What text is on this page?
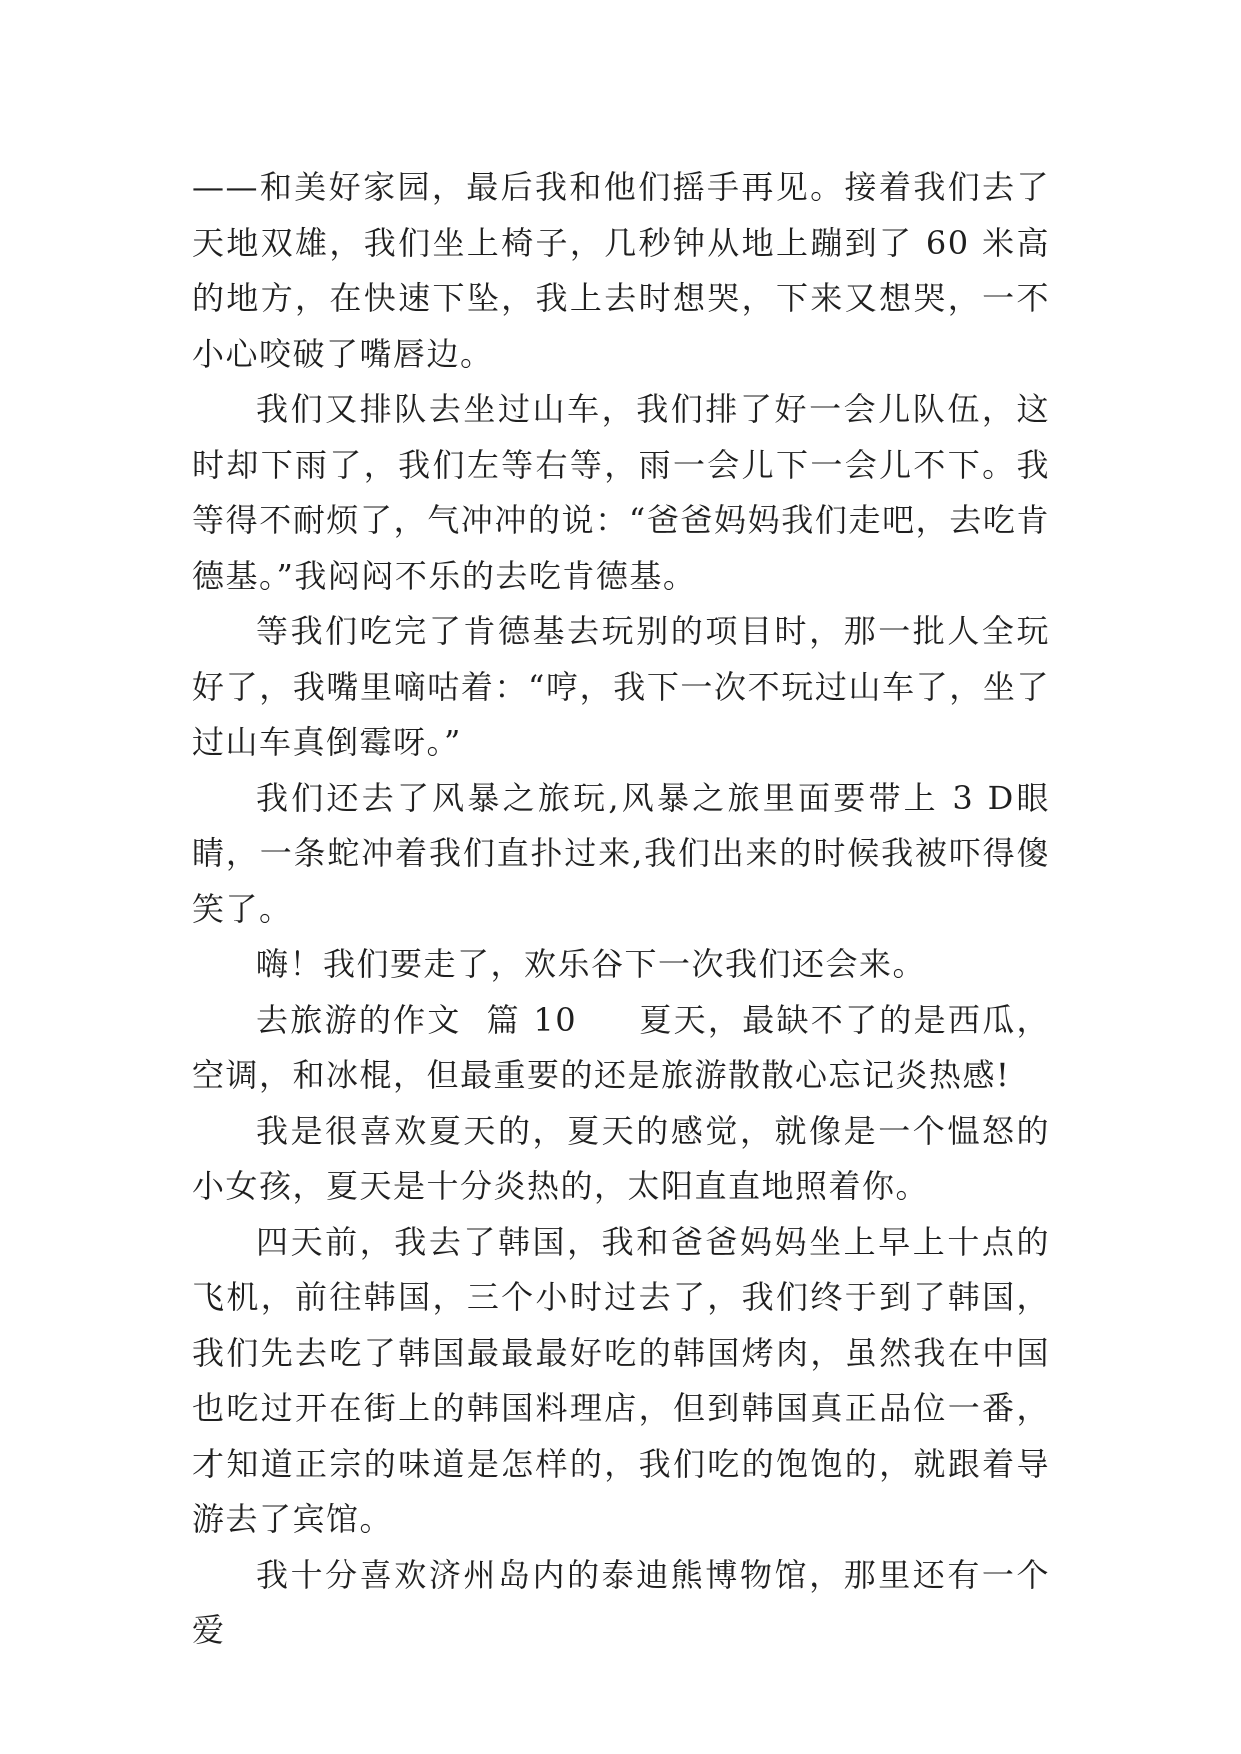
——和美好家园，最后我和他们摇手再见。接着我们去了天地双雄，我们坐上椅子，几秒钟从地上蹦到了 60 米高的地方，在快速下坠，我上去时想哭，下来又想哭，一不小心咬破了嘴唇边。

我们又排队去坐过山车，我们排了好一会儿队伍，这时却下雨了，我们左等右等，雨一会儿下一会儿不下。我等得不耐烦了，气冲冲的说：“爸爸妈妈我们走吧，去吃肯德基。”我闷闷不乐的去吃肯德基。

等我们吃完了肯德基去玩别的项目时，那一批人全玩好了，我嘴里嘀咕着：“哼，我下一次不玩过山车了，坐了过山车真倒霉呀。”

我们还去了风暴之旅玩,风暴之旅里面要带上 3 D眼睛，一条蛇冲着我们直扑过来,我们出来的时候我被吓得傻笑了。

嗨！我们要走了，欢乐谷下一次我们还会来。

去旅游的作文  篇 10     夏天，最缺不了的是西瓜，空调，和冰棍，但最重要的还是旅游散散心忘记炎热感!

我是很喜欢夏天的，夏天的感觉，就像是一个愠怒的小女孩，夏天是十分炎热的，太阳直直地照着你。

四天前，我去了韩国，我和爸爸妈妈坐上早上十点的飞机，前往韩国，三个小时过去了，我们终于到了韩国，我们先去吃了韩国最最最好吃的韩国烤肉，虽然我在中国也吃过开在街上的韩国料理店，但到韩国真正品位一番，才知道正宗的味道是怎样的，我们吃的饱饱的，就跟着导游去了宾馆。

我十分喜欢济州岛内的泰迪熊博物馆，那里还有一个爱
